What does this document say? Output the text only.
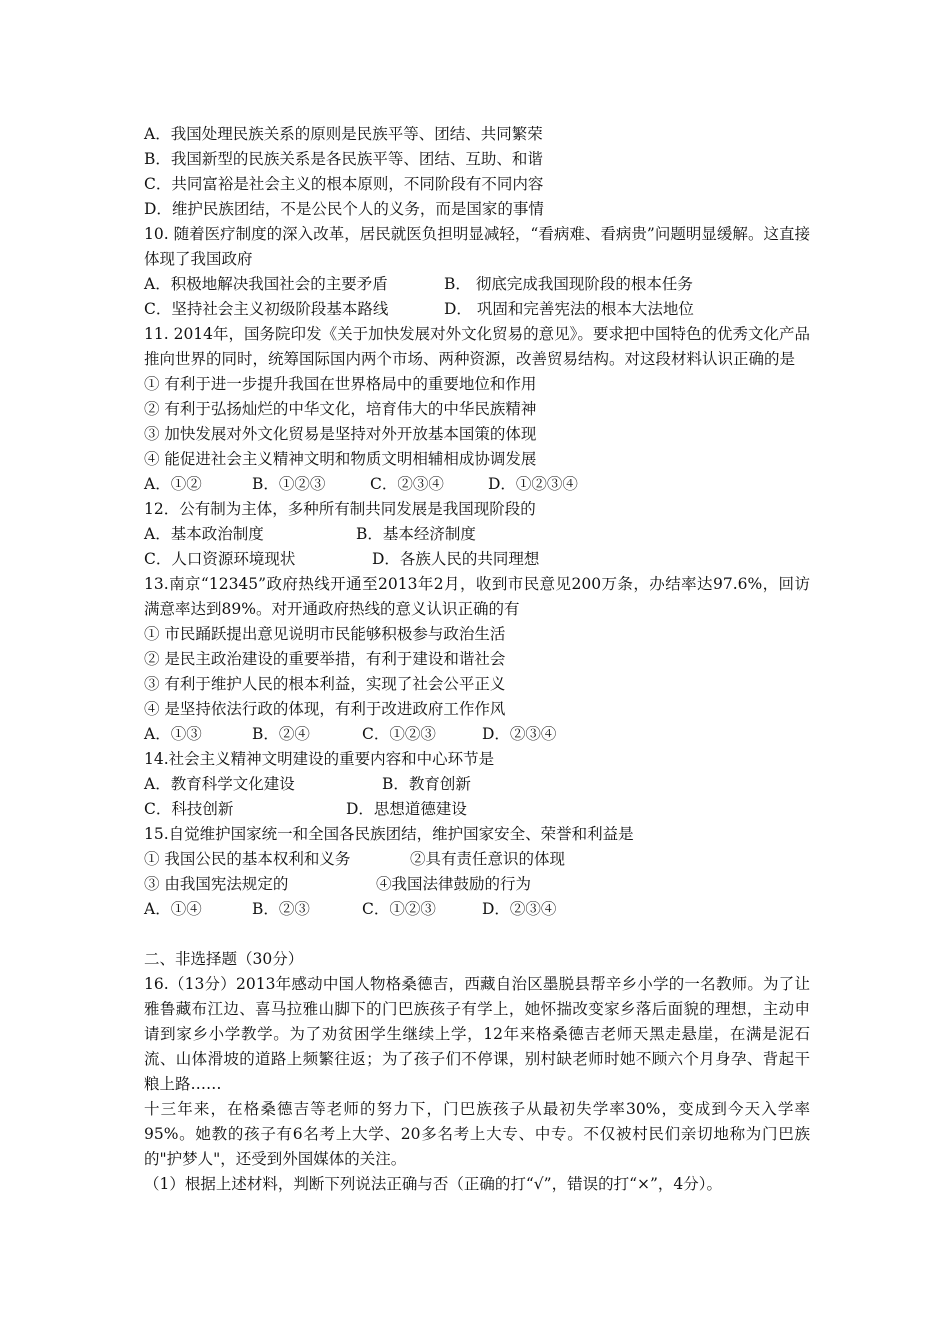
A．我国处理民族关系的原则是民族平等、团结、共同繁荣
B．我国新型的民族关系是各民族平等、团结、互助、和谐
C．共同富裕是社会主义的根本原则，不同阶段有不同内容
D．维护民族团结，不是公民个人的义务，而是国家的事情
10. 随着医疗制度的深入改革，居民就医负担明显减轻，“看病难、看病贵”问题明显缓解。这直接体现了我国政府
A．积极地解决我国社会的主要矛盾	B． 彻底完成我国现阶段的根本任务
C．坚持社会主义初级阶段基本路线	D． 巩固和完善宪法的根本大法地位
11. 2014年，国务院印发《关于加快发展对外文化贸易的意见》。要求把中国特色的优秀文化产品推向世界的同时，统筹国际国内两个市场、两种资源，改善贸易结构。对这段材料认识正确的是
① 有利于进一步提升我国在世界格局中的重要地位和作用
② 有利于弘扬灿烂的中华文化，培育伟大的中华民族精神
③ 加快发展对外文化贸易是坚持对外开放基本国策的体现
④ 能促进社会主义精神文明和物质文明相辅相成协调发展
A．①②	B．①②③	C．②③④	D．①②③④
12．公有制为主体，多种所有制共同发展是我国现阶段的
A．基本政治制度	B．基本经济制度
C．人口资源环境现状	D．各族人民的共同理想
13.南京“12345”政府热线开通至2013年2月，收到市民意见200万条，办结率达97.6%，回访满意率达到89%。对开通政府热线的意义认识正确的有
① 市民踊跃提出意见说明市民能够积极参与政治生活
② 是民主政治建设的重要举措，有利于建设和谐社会
③ 有利于维护人民的根本利益，实现了社会公平正义
④ 是坚持依法行政的体现，有利于改进政府工作作风
A．①③	B．②④	C．①②③	D．②③④
14.社会主义精神文明建设的重要内容和中心环节是
A．教育科学文化建设	B．教育创新
C．科技创新	D．思想道德建设
15.自觉维护国家统一和全国各民族团结，维护国家安全、荣誉和利益是
① 我国公民的基本权利和义务	②具有责任意识的体现
③ 由我国宪法规定的	④我国法律鼓励的行为
A．①④	B．②③	C．①②③	D．②③④
二、非选择题（30分）
16.（13分）2013年感动中国人物格桑德吉，西藏自治区墨脱县帮辛乡小学的一名教师。为了让雅鲁藏布江边、喜马拉雅山脚下的门巴族孩子有学上，她怀揣改变家乡落后面貌的理想，主动申请到家乡小学教学。为了劝贫困学生继续上学，12年来格桑德吉老师天黑走悬崖，在满是泥石流、山体滑坡的道路上频繁往返；为了孩子们不停课，别村缺老师时她不顾六个月身孕、背起干粮上路……
十三年来，在格桑德吉等老师的努力下，门巴族孩子从最初失学率30%，变成到今天入学率95%。她教的孩子有6名考上大学、20多名考上大专、中专。不仅被村民们亲切地称为门巴族的"护梦人"，还受到外国媒体的关注。
（1）根据上述材料，判断下列说法正确与否（正确的打“√”，错误的打“×”，4分）。
